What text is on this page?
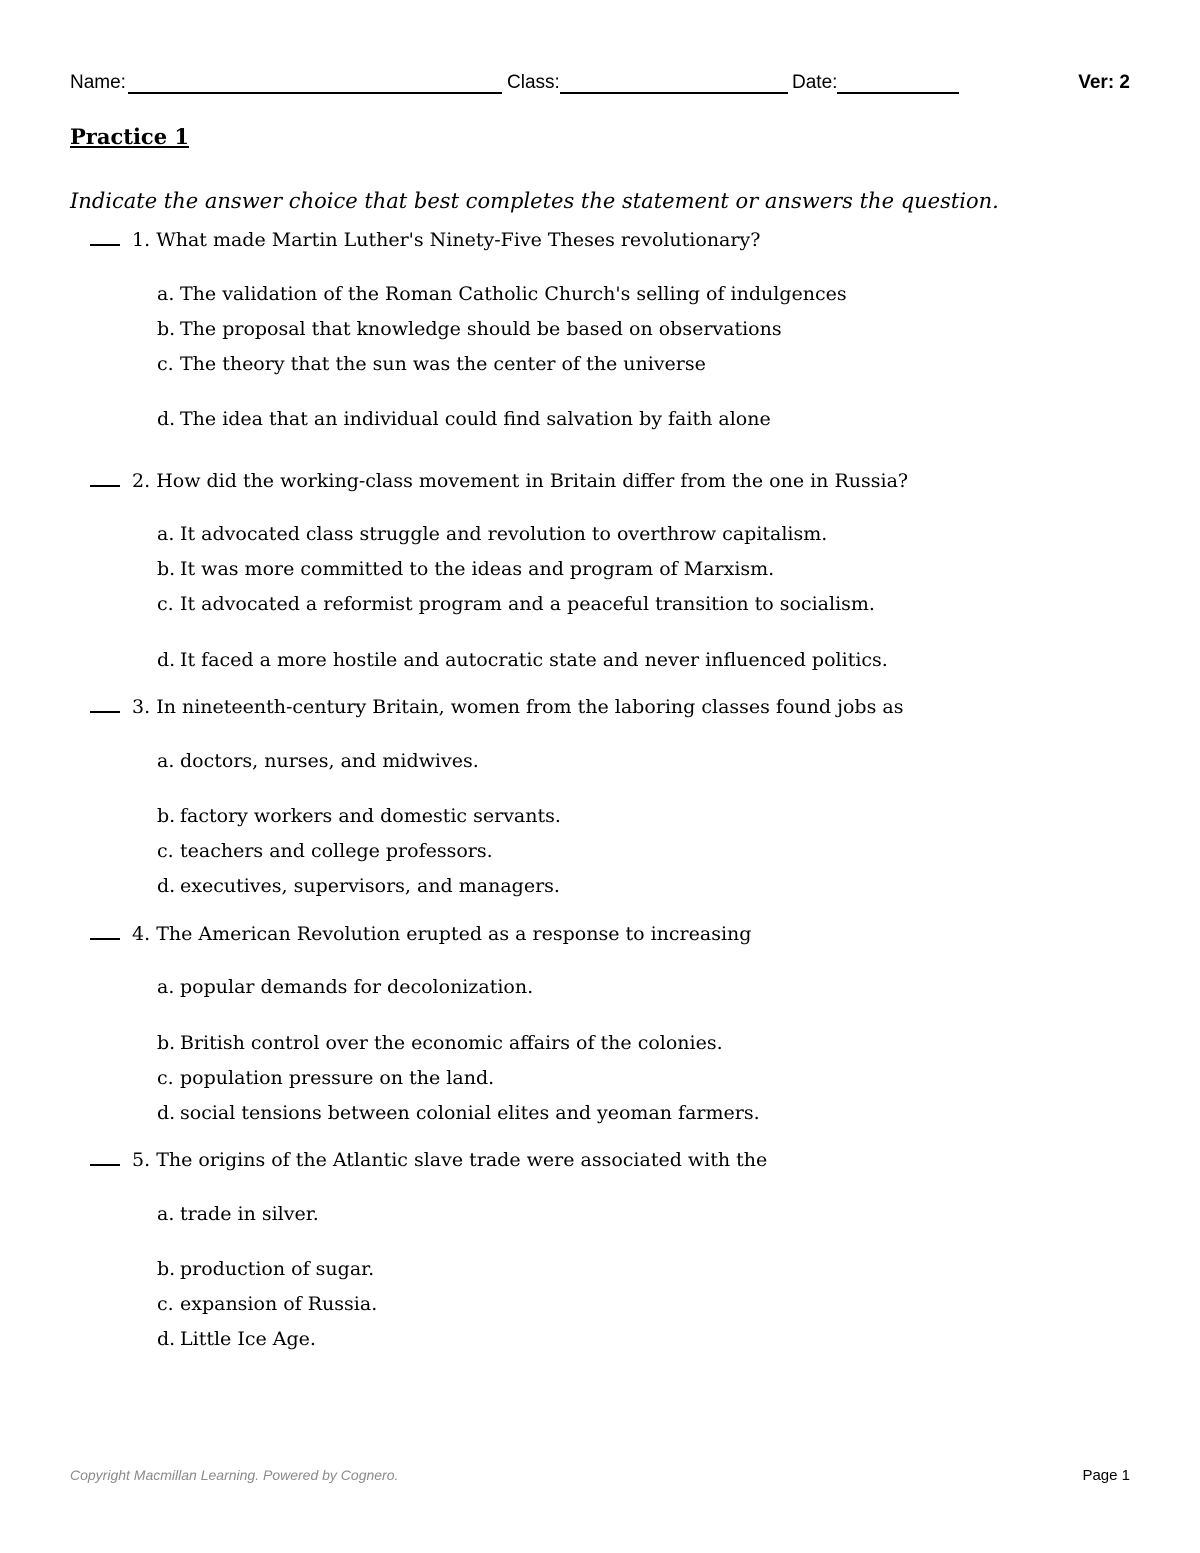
Name:	Class:	Date:	Ver: 2
Practice 1
Indicate the answer choice that best completes the statement or answers the question.
1. What made Martin Luther's Ninety-Five Theses revolutionary?
a. The validation of the Roman Catholic Church's selling of indulgences
b. The proposal that knowledge should be based on observations
c. The theory that the sun was the center of the universe
d. The idea that an individual could find salvation by faith alone
2. How did the working-class movement in Britain differ from the one in Russia?
a. It advocated class struggle and revolution to overthrow capitalism.
b. It was more committed to the ideas and program of Marxism.
c. It advocated a reformist program and a peaceful transition to socialism.
d. It faced a more hostile and autocratic state and never influenced politics.
3. In nineteenth-century Britain, women from the laboring classes found jobs as
a. doctors, nurses, and midwives.
b. factory workers and domestic servants.
c. teachers and college professors.
d. executives, supervisors, and managers.
4. The American Revolution erupted as a response to increasing
a. popular demands for decolonization.
b. British control over the economic affairs of the colonies.
c. population pressure on the land.
d. social tensions between colonial elites and yeoman farmers.
5. The origins of the Atlantic slave trade were associated with the
a. trade in silver.
b. production of sugar.
c. expansion of Russia.
d. Little Ice Age.
Copyright Macmillan Learning. Powered by Cognero.	Page 1
